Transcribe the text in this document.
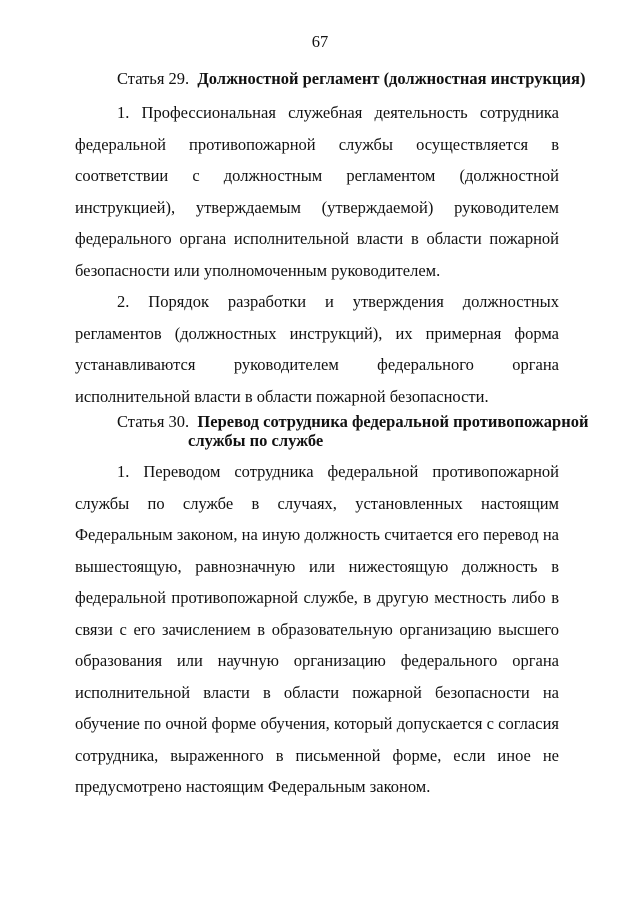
67
Статья 29. Должностной регламент (должностная инструкция)

1. Профессиональная служебная деятельность сотрудника федеральной противопожарной службы осуществляется в соответствии с должностным регламентом (должностной инструкцией), утверждаемым (утверждаемой) руководителем федерального органа исполнительной власти в области пожарной безопасности или уполномоченным руководителем.

2. Порядок разработки и утверждения должностных регламентов (должностных инструкций), их примерная форма устанавливаются руководителем федерального органа исполнительной власти в области пожарной безопасности.

Статья 30. Перевод сотрудника федеральной противопожарной
службы по службе

1. Переводом сотрудника федеральной противопожарной службы по службе в случаях, установленных настоящим Федеральным законом, на иную должность считается его перевод на вышестоящую, равнозначную или нижестоящую должность в федеральной противопожарной службе, в другую местность либо в связи с его зачислением в образовательную организацию высшего образования или научную организацию федерального органа исполнительной власти в области пожарной безопасности на обучение по очной форме обучения, который допускается с согласия сотрудника, выраженного в письменной форме, если иное не предусмотрено настоящим Федеральным законом.
